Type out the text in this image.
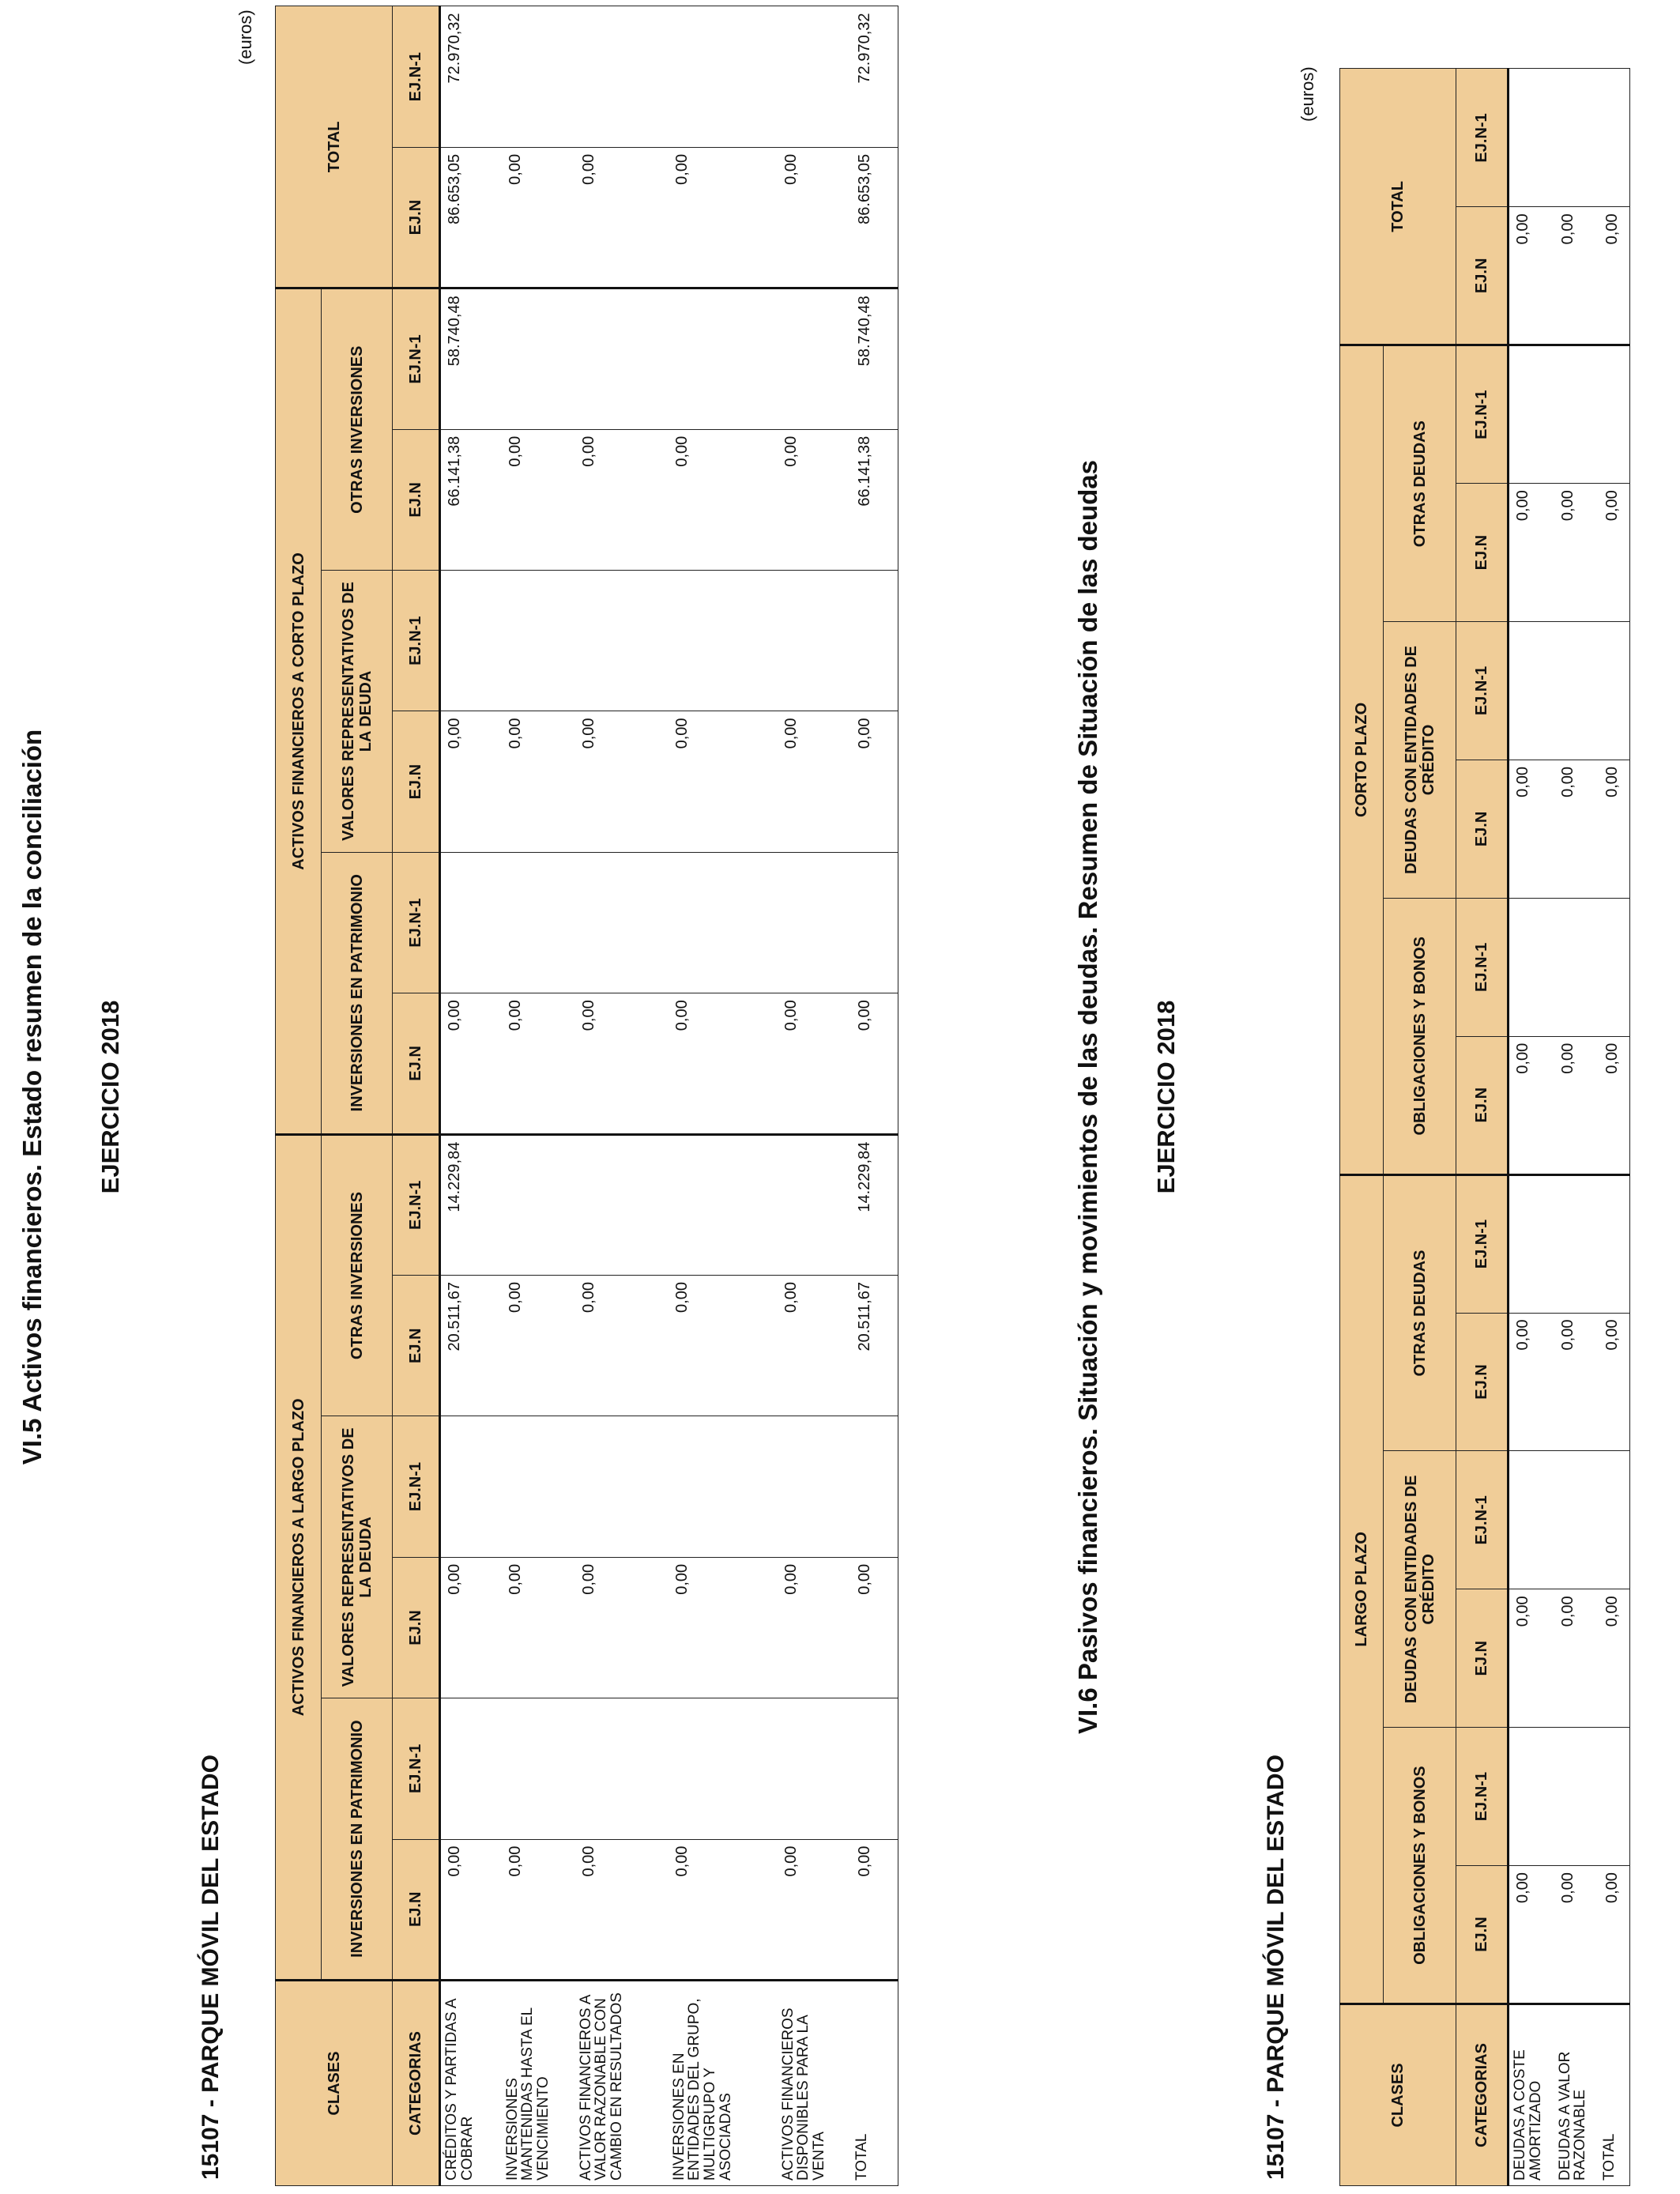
VI.5 Activos financieros. Estado resumen de la conciliación EJERCICIO 2018
15107 - PARQUE MÓVIL DEL ESTADO
(euros)
CLASES	ACTIVOS FINANCIEROS A LARGO PLAZO						ACTIVOS FINANCIEROS A CORTO PLAZO						TOTAL	
	INVERSIONES EN PATRIMONIO		VALORES REPRESENTATIVOS DE LA DEUDA		OTRAS INVERSIONES		INVERSIONES EN PATRIMONIO		VALORES REPRESENTATIVOS DE LA DEUDA		OTRAS INVERSIONES			
CATEGORIAS	EJ.N	EJ.N-1	EJ.N	EJ.N-1	EJ.N	EJ.N-1	EJ.N	EJ.N-1	EJ.N	EJ.N-1	EJ.N	EJ.N-1	EJ.N	EJ.N-1
CRÉDITOS Y PARTIDAS A COBRAR	0,00		0,00		20.511,67	14.229,84	0,00		0,00		66.141,38	58.740,48	86.653,05	72.970,32
INVERSIONES MANTENIDAS HASTA EL VENCIMIENTO	0,00		0,00		0,00		0,00		0,00		0,00		0,00	
ACTIVOS FINANCIEROS A VALOR RAZONABLE CON CAMBIO EN RESULTADOS	0,00		0,00		0,00		0,00		0,00		0,00		0,00	
INVERSIONES EN ENTIDADES DEL GRUPO, MULTIGRUPO Y ASOCIADAS	0,00		0,00		0,00		0,00		0,00		0,00		0,00	
ACTIVOS FINANCIEROS DISPONIBLES PARA LA VENTA	0,00		0,00		0,00		0,00		0,00		0,00		0,00	
TOTAL	0,00		0,00		20.511,67	14.229,84	0,00		0,00		66.141,38	58.740,48	86.653,05	72.970,32
VI.6 Pasivos financieros. Situación y movimientos de las deudas. Resumen de Situación de las deudas EJERCICIO 2018
15107 - PARQUE MÓVIL DEL ESTADO
(euros)
CLASES	LARGO PLAZO						CORTO PLAZO						TOTAL	
	OBLIGACIONES Y BONOS		DEUDAS CON ENTIDADES DE CRÉDITO		OTRAS DEUDAS		OBLIGACIONES Y BONOS		DEUDAS CON ENTIDADES DE CRÉDITO		OTRAS DEUDAS			
CATEGORIAS	EJ.N	EJ.N-1	EJ.N	EJ.N-1	EJ.N	EJ.N-1	EJ.N	EJ.N-1	EJ.N	EJ.N-1	EJ.N	EJ.N-1	EJ.N	EJ.N-1
DEUDAS A COSTE AMORTIZADO	0,00		0,00		0,00		0,00		0,00		0,00		0,00	
DEUDAS A VALOR RAZONABLE	0,00		0,00		0,00		0,00		0,00		0,00		0,00	
TOTAL	0,00		0,00		0,00		0,00		0,00		0,00		0,00	
